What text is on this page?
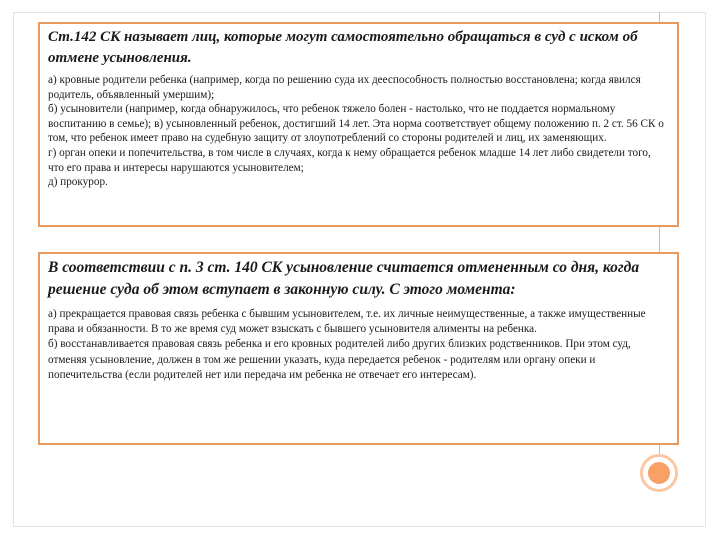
Ст.142 СК называет лиц, которые могут самостоятельно обращаться в суд с иском об отмене усыновления.

а) кровные родители ребенка (например, когда по решению суда их дееспособность полностью восстановлена; когда явился родитель, объявленный умершим);
б) усыновители (например, когда обнаружилось, что ребенок тяжело болен - настолько, что не поддается нормальному воспитанию в семье); в) усыновленный ребенок, достигший 14 лет. Эта норма соответствует общему положению п. 2 ст. 56 СК о том, что ребенок имеет право на судебную защиту от злоупотреблений со стороны родителей и лиц, их заменяющих.
г) орган опеки и попечительства, в том числе в случаях, когда к нему обращается ребенок младше 14 лет либо свидетели того, что его права и интересы нарушаются усыновителем;
д) прокурор.

В соответствии с п. 3 ст. 140 СК усыновление считается отмененным со дня, когда решение суда об этом вступает в законную силу. С этого момента:

а) прекращается правовая связь ребенка с бывшим усыновителем, т.е. их личные неимущественные, а также имущественные права и обязанности. В то же время суд может взыскать с бывшего усыновителя алименты на ребенка.
б) восстанавливается правовая связь ребенка и его кровных родителей либо других близких родственников. При этом суд, отменяя усыновление, должен в том же решении указать, куда передается ребенок - родителям или органу опеки и попечительства (если родителей нет или передача им ребенка не отвечает его интересам).
